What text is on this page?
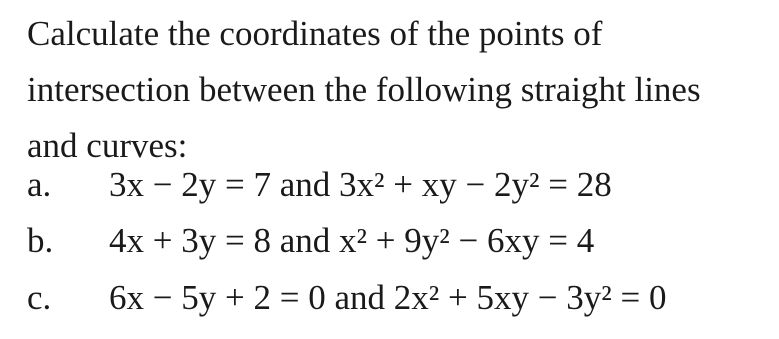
Calculate the coordinates of the points of intersection between the following straight lines and curves:

a.	3x − 2y = 7 and 3x² + xy − 2y² = 28
b.	4x + 3y = 8 and x² + 9y² − 6xy = 4
c.	6x − 5y + 2 = 0 and 2x² + 5xy − 3y² = 0
